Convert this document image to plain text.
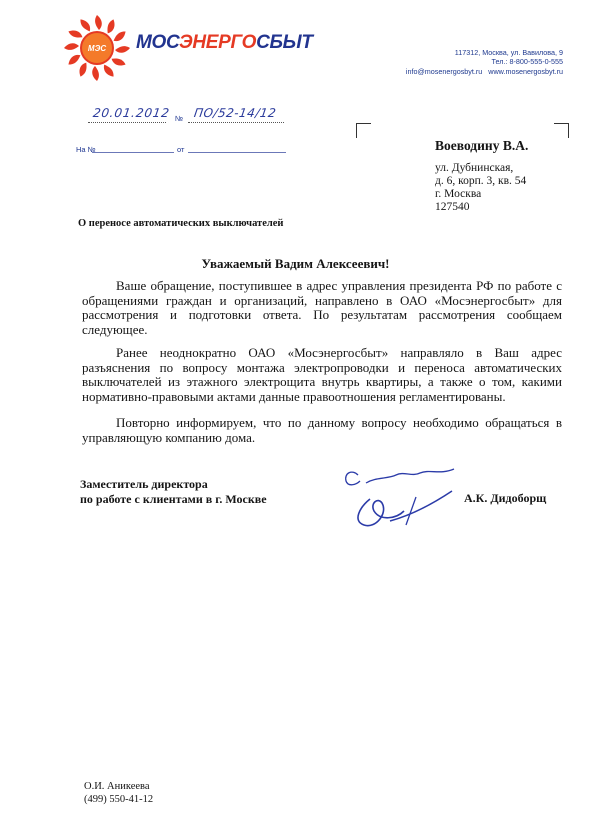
МЭС МОСЭНЕРГОСБЫТ	117312, Москва, ул. Вавилова, 9
Тел.: 8-800-555-0-555
info@mosenergosbyt.ru www.mosenergosbyt.ru
20.01.2012 № ПО/52-14/12
На №	от	Воеводину В.А.
ул. Дубнинская,
д. 6, корп. 3, кв. 54
г. Москва
127540
О переносе автоматических выключателей
Уважаемый Вадим Алексеевич!
Ваше обращение, поступившее в адрес управления президента РФ по работе с обращениями граждан и организаций, направлено в ОАО «Мосэнергосбыт» для рассмотрения и подготовки ответа. По результатам рассмотрения сообщаем следующее.
Ранее неоднократно ОАО «Мосэнергосбыт» направляло в Ваш адрес разъяснения по вопросу монтажа электропроводки и переноса автоматических выключателей из этажного электрощита внутрь квартиры, а также о том, какими нормативно-правовыми актами данные правоотношения регламентированы.
Повторно информируем, что по данному вопросу необходимо обращаться в управляющую компанию дома.
Заместитель директора
по работе с клиентами в г. Москве	А.К. Дидоборщ
О.И. Аникеева
(499) 550-41-12
